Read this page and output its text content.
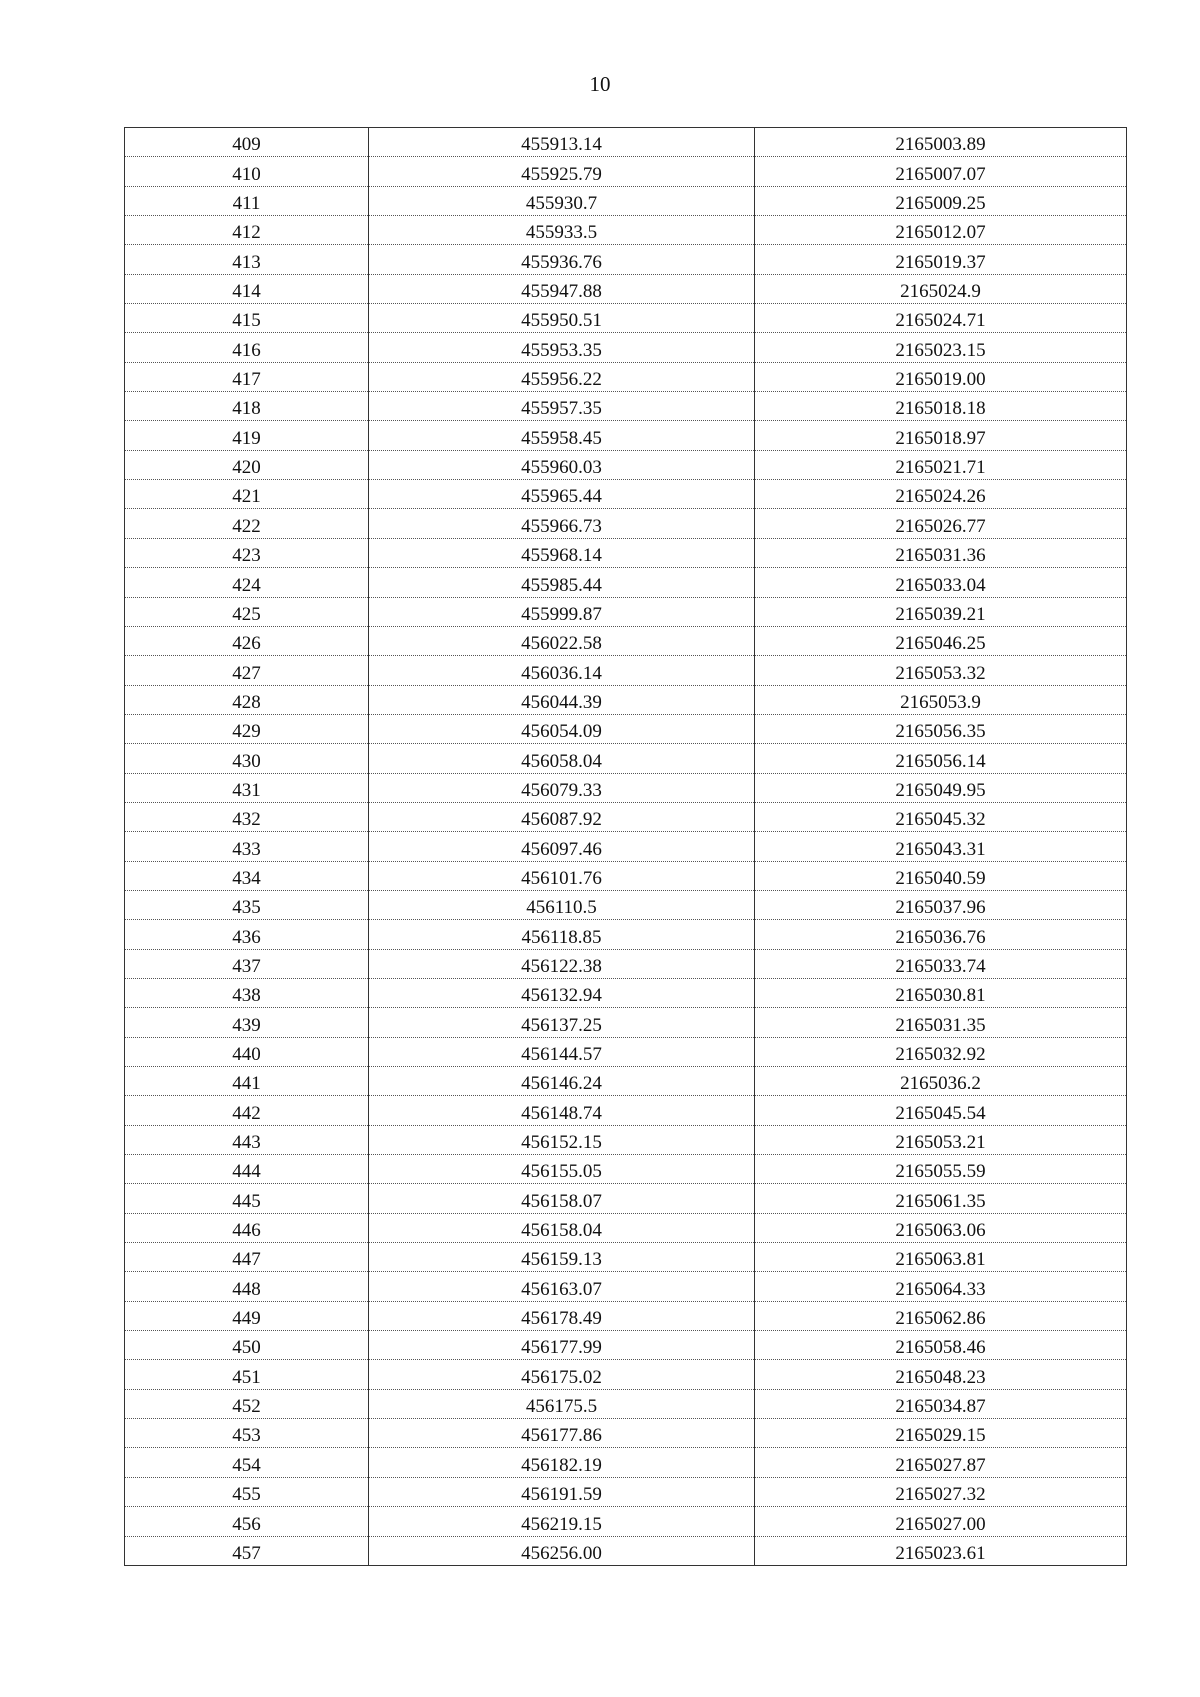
10
409	455913.14	2165003.89
410	455925.79	2165007.07
411	455930.7	2165009.25
412	455933.5	2165012.07
413	455936.76	2165019.37
414	455947.88	2165024.9
415	455950.51	2165024.71
416	455953.35	2165023.15
417	455956.22	2165019.00
418	455957.35	2165018.18
419	455958.45	2165018.97
420	455960.03	2165021.71
421	455965.44	2165024.26
422	455966.73	2165026.77
423	455968.14	2165031.36
424	455985.44	2165033.04
425	455999.87	2165039.21
426	456022.58	2165046.25
427	456036.14	2165053.32
428	456044.39	2165053.9
429	456054.09	2165056.35
430	456058.04	2165056.14
431	456079.33	2165049.95
432	456087.92	2165045.32
433	456097.46	2165043.31
434	456101.76	2165040.59
435	456110.5	2165037.96
436	456118.85	2165036.76
437	456122.38	2165033.74
438	456132.94	2165030.81
439	456137.25	2165031.35
440	456144.57	2165032.92
441	456146.24	2165036.2
442	456148.74	2165045.54
443	456152.15	2165053.21
444	456155.05	2165055.59
445	456158.07	2165061.35
446	456158.04	2165063.06
447	456159.13	2165063.81
448	456163.07	2165064.33
449	456178.49	2165062.86
450	456177.99	2165058.46
451	456175.02	2165048.23
452	456175.5	2165034.87
453	456177.86	2165029.15
454	456182.19	2165027.87
455	456191.59	2165027.32
456	456219.15	2165027.00
457	456256.00	2165023.61
